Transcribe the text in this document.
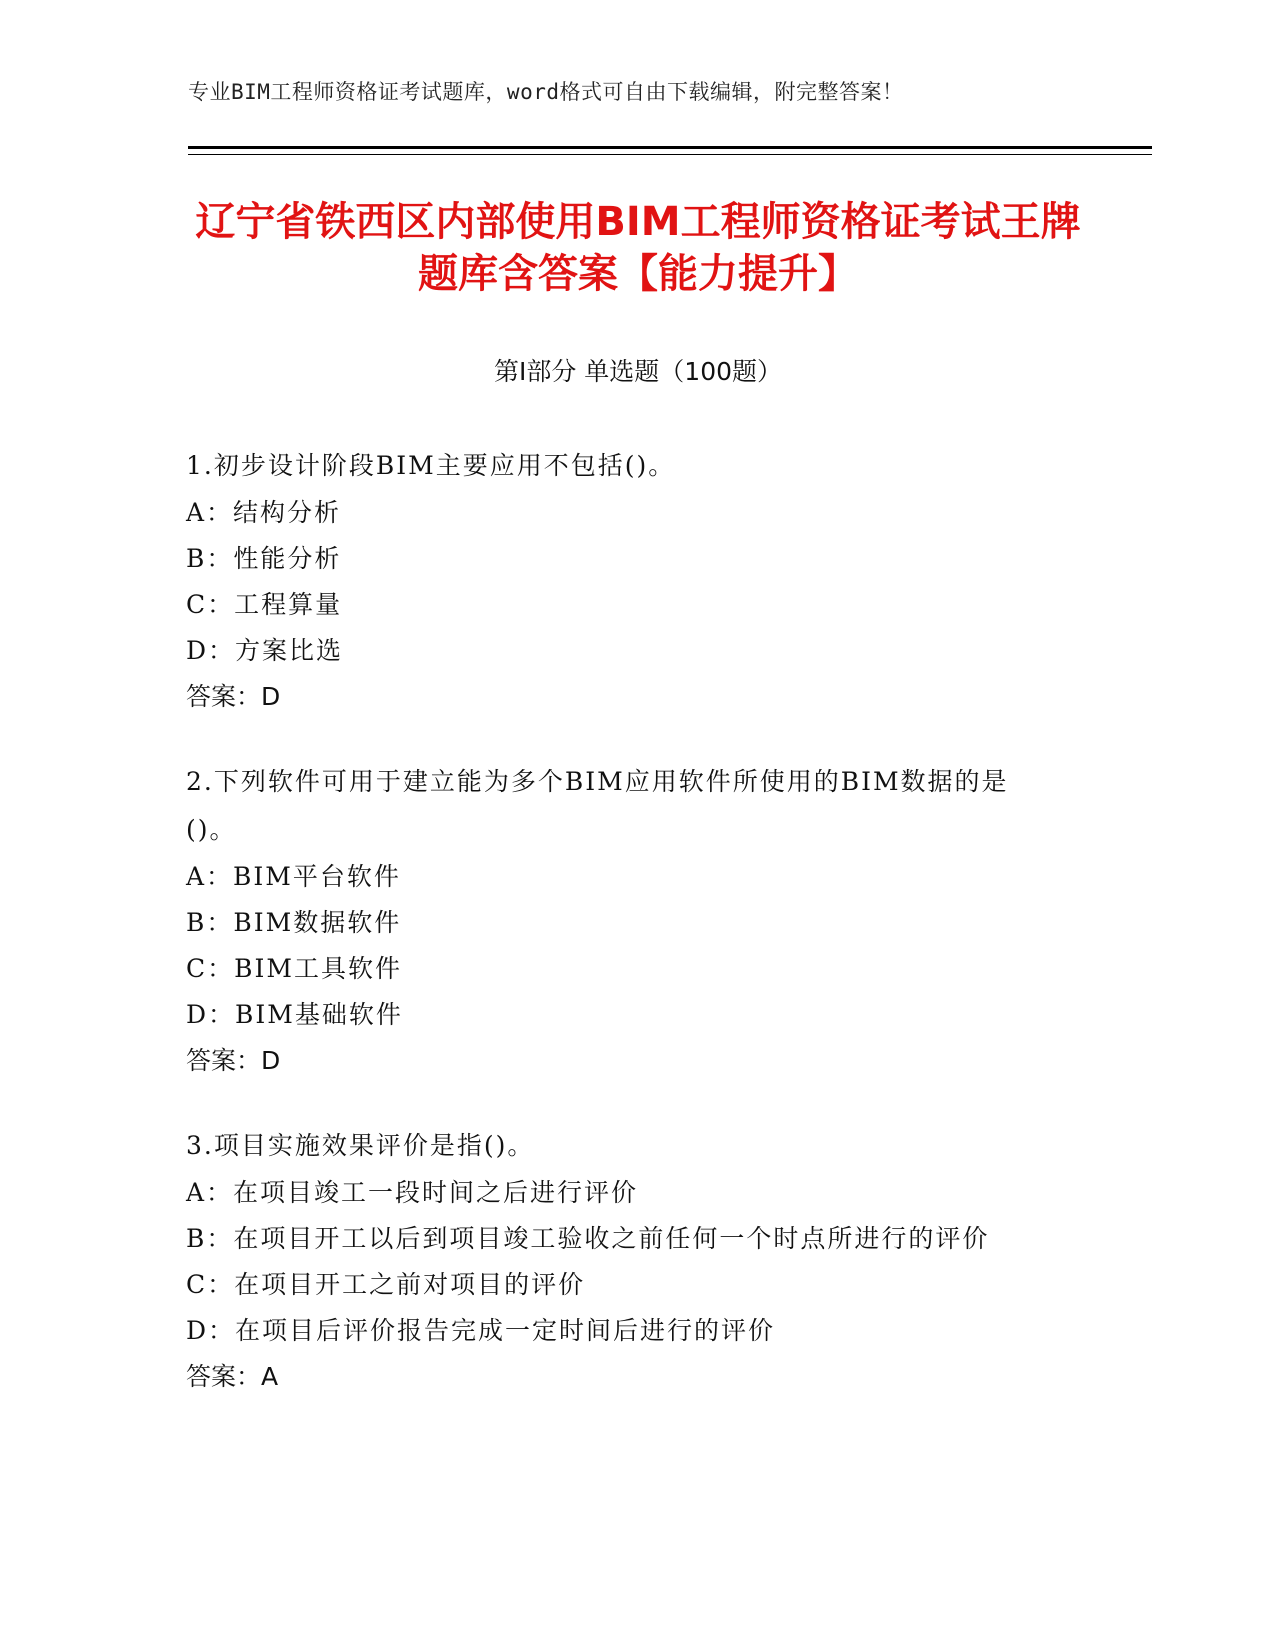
专业BIM工程师资格证考试题库，word格式可自由下载编辑，附完整答案！
辽宁省铁西区内部使用BIM工程师资格证考试王牌题库含答案【能力提升】
第Ⅰ部分 单选题（100题）
1.初步设计阶段BIM主要应用不包括()。
A：结构分析
B：性能分析
C：工程算量
D：方案比选
答案：D
2.下列软件可用于建立能为多个BIM应用软件所使用的BIM数据的是()。
A：BIM平台软件
B：BIM数据软件
C：BIM工具软件
D：BIM基础软件
答案：D
3.项目实施效果评价是指()。
A：在项目竣工一段时间之后进行评价
B：在项目开工以后到项目竣工验收之前任何一个时点所进行的评价
C：在项目开工之前对项目的评价
D：在项目后评价报告完成一定时间后进行的评价
答案：A
